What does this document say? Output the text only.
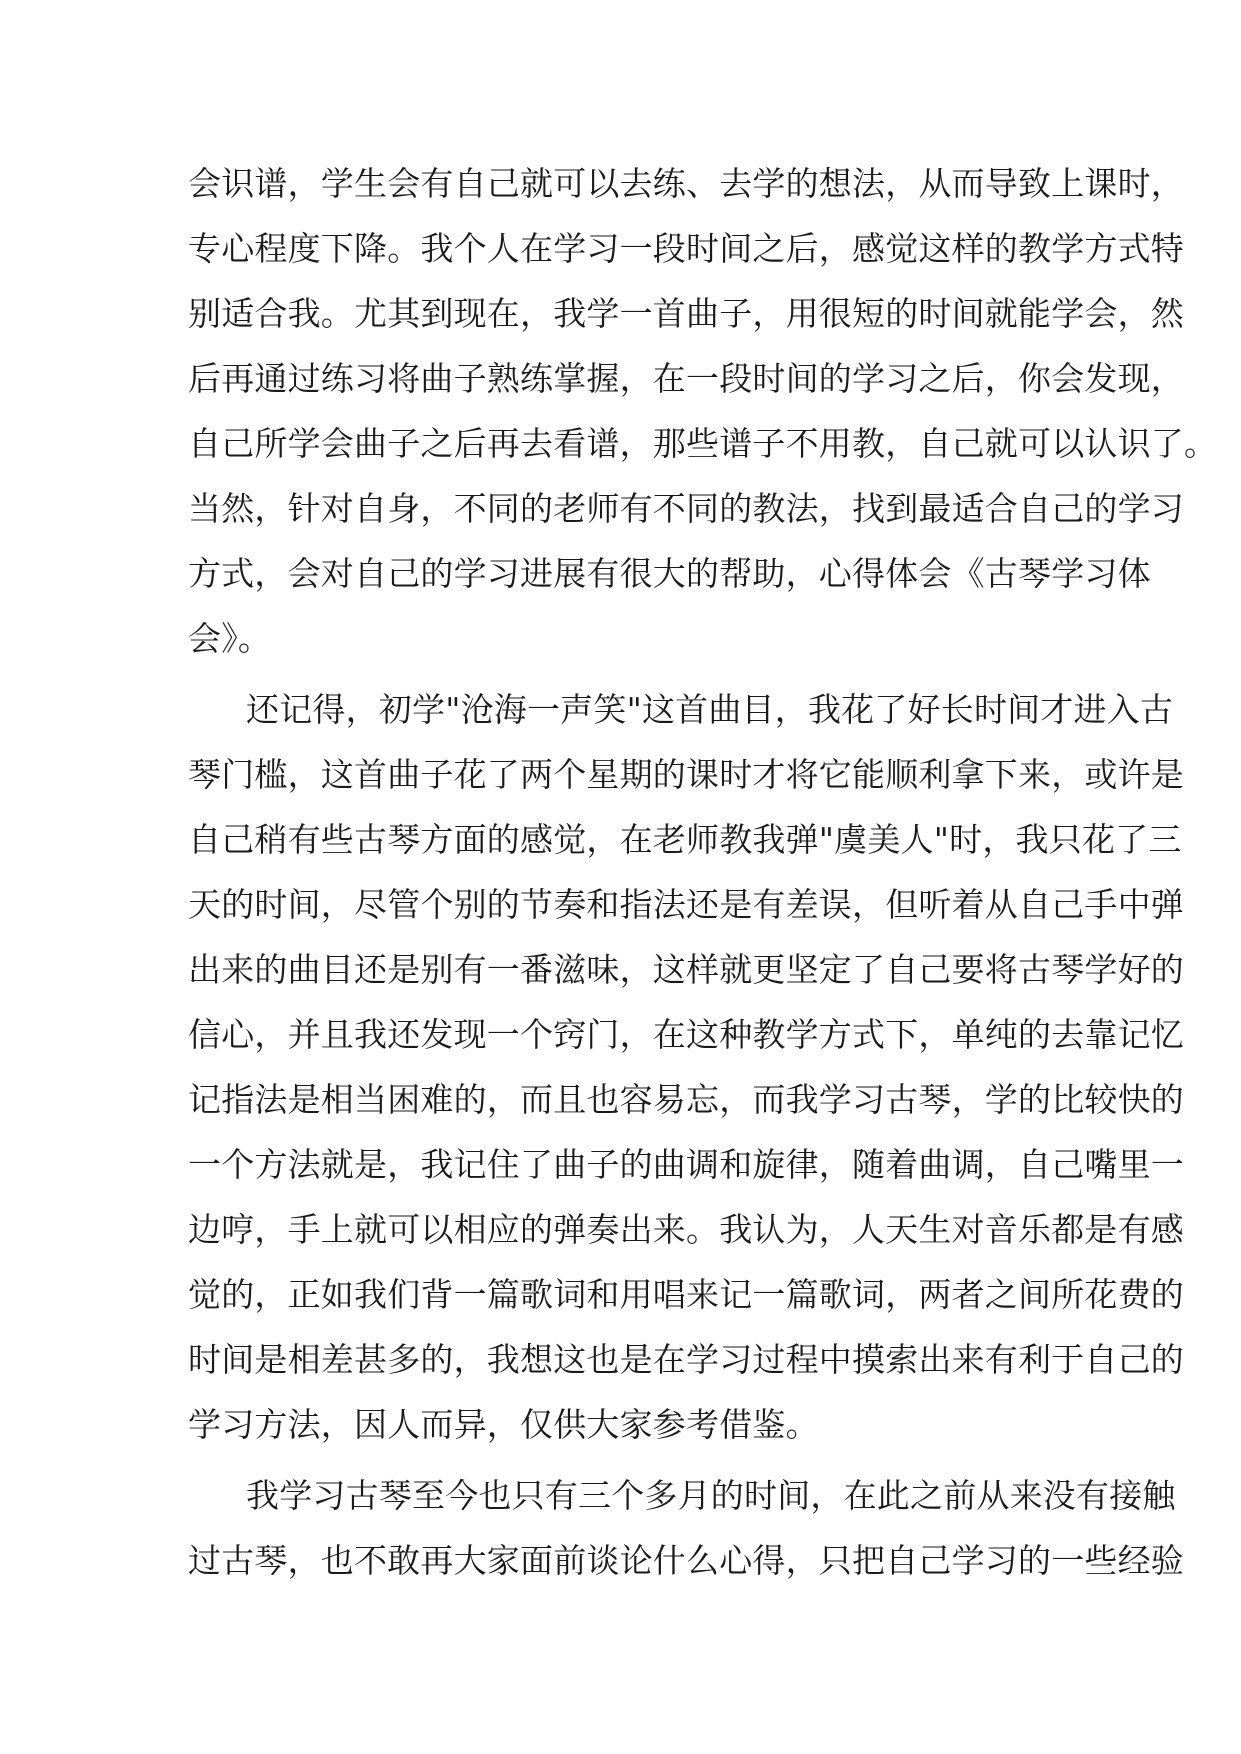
会识谱，学生会有自己就可以去练、去学的想法，从而导致上课时，
专心程度下降。我个人在学习一段时间之后，感觉这样的教学方式特
别适合我。尤其到现在，我学一首曲子，用很短的时间就能学会，然
后再通过练习将曲子熟练掌握，在一段时间的学习之后，你会发现，
自己所学会曲子之后再去看谱，那些谱子不用教，自己就可以认识了。
当然，针对自身，不同的老师有不同的教法，找到最适合自己的学习
方式，会对自己的学习进展有很大的帮助，心得体会《古琴学习体
会》。
还记得，初学"沧海一声笑"这首曲目，我花了好长时间才进入古
琴门槛，这首曲子花了两个星期的课时才将它能顺利拿下来，或许是
自己稍有些古琴方面的感觉，在老师教我弹"虞美人"时，我只花了三
天的时间，尽管个别的节奏和指法还是有差误，但听着从自己手中弹
出来的曲目还是别有一番滋味，这样就更坚定了自己要将古琴学好的
信心，并且我还发现一个窍门，在这种教学方式下，单纯的去靠记忆
记指法是相当困难的，而且也容易忘，而我学习古琴，学的比较快的
一个方法就是，我记住了曲子的曲调和旋律，随着曲调，自己嘴里一
边哼，手上就可以相应的弹奏出来。我认为，人天生对音乐都是有感
觉的，正如我们背一篇歌词和用唱来记一篇歌词，两者之间所花费的
时间是相差甚多的，我想这也是在学习过程中摸索出来有利于自己的
学习方法，因人而异，仅供大家参考借鉴。
我学习古琴至今也只有三个多月的时间，在此之前从来没有接触
过古琴，也不敢再大家面前谈论什么心得，只把自己学习的一些经验
